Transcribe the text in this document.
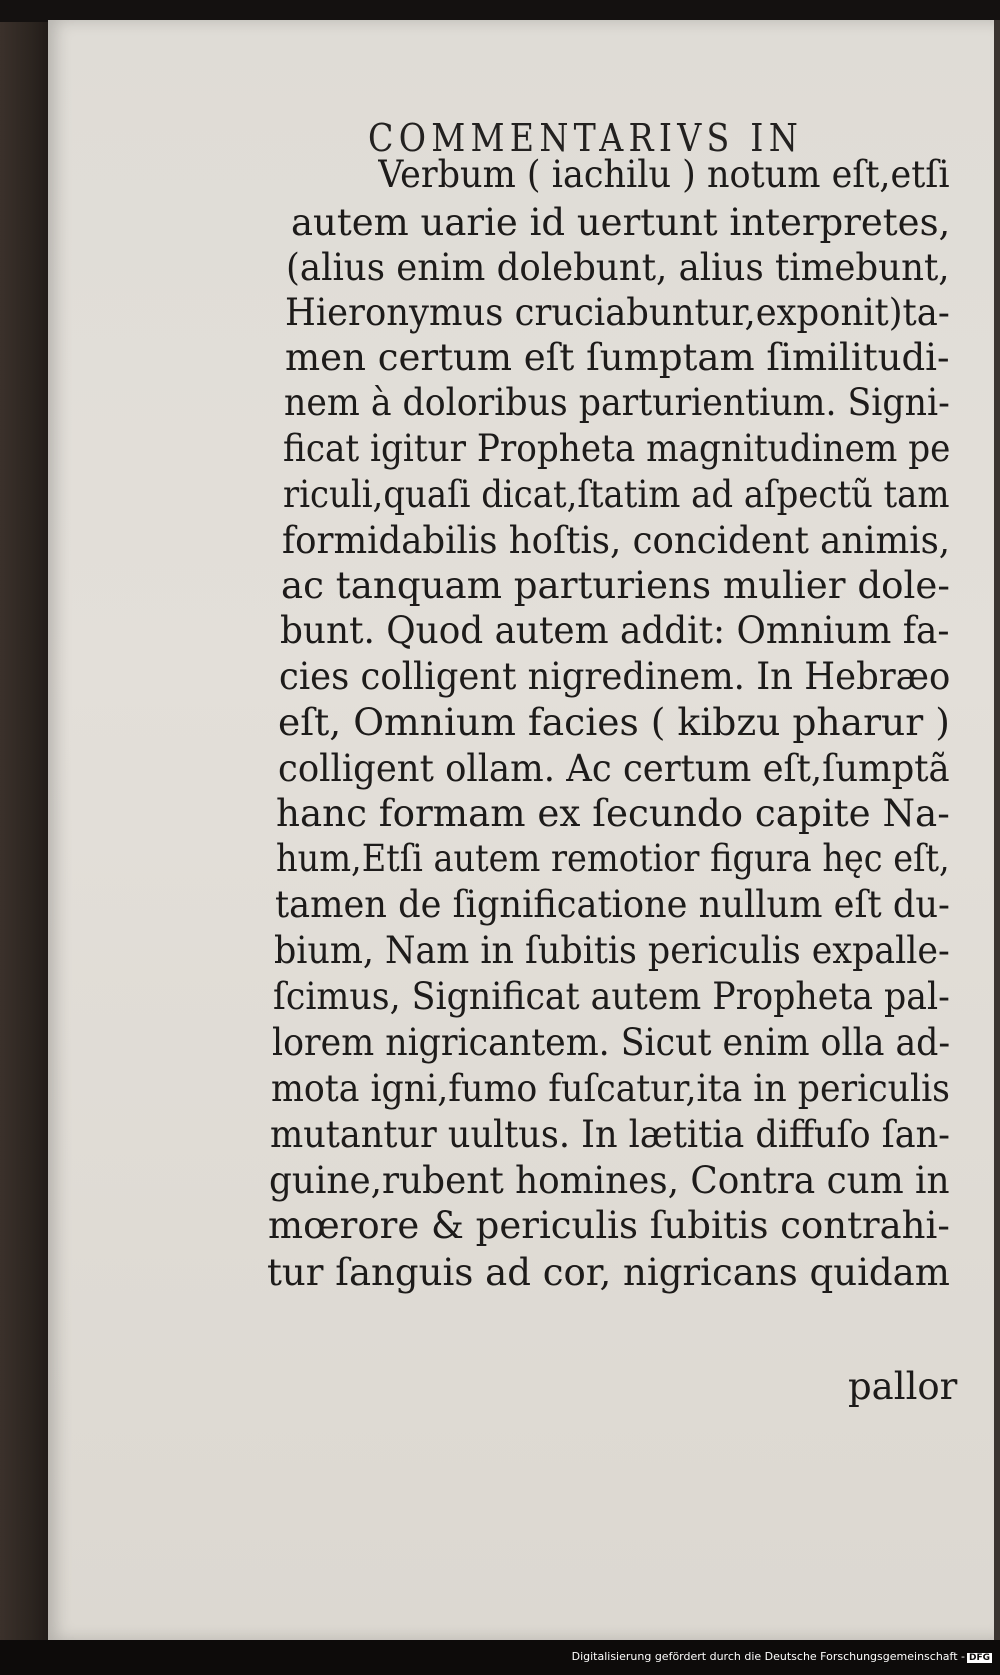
COMMENTARIVS IN
Verbum ( iachilu ) notum eſt,etſi
autem uarie id uertunt interpretes,
(alius enim dolebunt, alius timebunt,
Hieronymus cruciabuntur,exponit)ta-
men certum eſt ſumptam ſimilitudi-
nem à doloribus parturientium. Signi-
ficat igitur Propheta magnitudinem pe
riculi,quaſi dicat,ſtatim ad aſpectũ tam
formidabilis hoſtis, concident animis,
ac tanquam parturiens mulier dole-
bunt. Quod autem addit: Omnium fa-
cies colligent nigredinem. In Hebræo
eſt, Omnium facies ( kibzu pharur )
colligent ollam. Ac certum eſt,ſumptã
hanc formam ex ſecundo capite Na-
hum,Etſi autem remotior figura hęc eſt,
tamen de ſignificatione nullum eſt du-
bium, Nam in ſubitis periculis expalle-
ſcimus, Significat autem Propheta pal-
lorem nigricantem. Sicut enim olla ad-
mota igni,fumo fuſcatur,ita in periculis
mutantur uultus. In lætitia diffuſo ſan-
guine,rubent homines, Contra cum in
mœrore & periculis ſubitis contrahi-
tur ſanguis ad cor, nigricans quidam
pallor
Digitalisierung gefördert durch die Deutsche Forschungsgemeinschaft - DFG
